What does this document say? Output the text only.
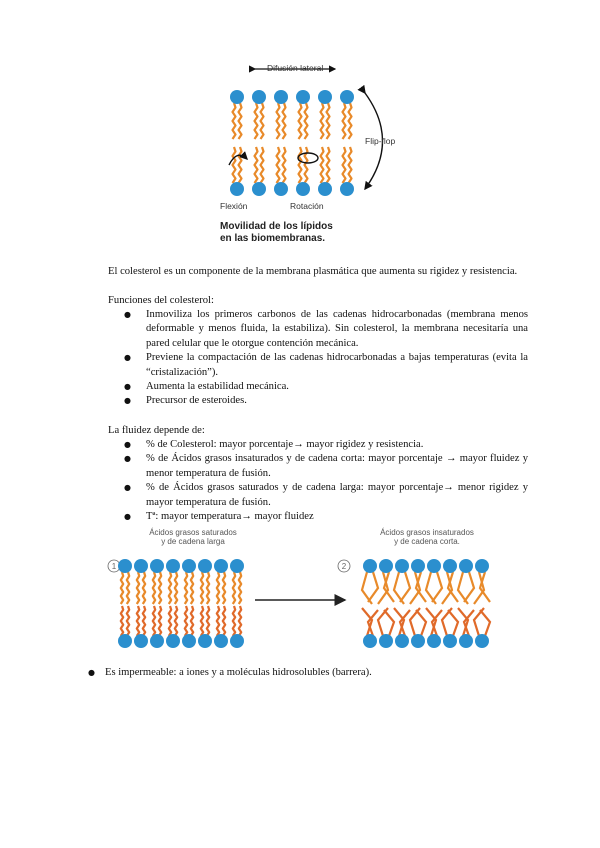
Difusión lateral
Flip-flop
Flexión	Rotación
Movilidad de los lípidos
en las biomembranas.
El colesterol es un componente de la membrana plasmática que aumenta su rigidez y resistencia.
Funciones del colesterol:
● Inmoviliza los primeros carbonos de las cadenas hidrocarbonadas (membrana menos deformable y menos fluida, la estabiliza). Sin colesterol, la membrana necesitaría una pared celular que le otorgue contención mecánica.
● Previene la compactación de las cadenas hidrocarbonadas a bajas temperaturas (evita la “cristalización”).
● Aumenta la estabilidad mecánica.
● Precursor de esteroides.
La fluidez depende de:
● % de Colesterol: mayor porcentaje→ mayor rigidez y resistencia.
● % de Ácidos grasos insaturados y de cadena corta: mayor porcentaje → mayor fluidez y menor temperatura de fusión.
● % de Ácidos grasos saturados y de cadena larga: mayor porcentaje→ menor rigidez y mayor temperatura de fusión.
● Tª: mayor temperatura→ mayor fluidez
Ácidos grasos saturados
y de cadena larga
Ácidos grasos insaturados
y de cadena corta.
1	2
● Es impermeable: a iones y a moléculas hidrosolubles (barrera).
